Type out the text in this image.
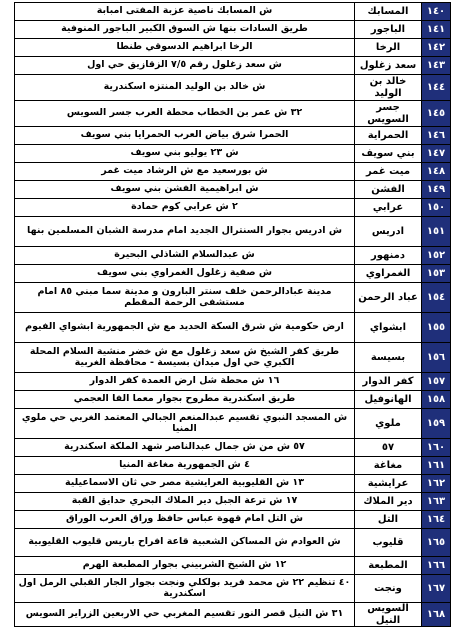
١٤٠	المسابك	ش المسابك ناصية عزبة المفتى امبابة
١٤١	الباجور	طريق السادات بنها ش السوق الكبير الباجور المنوفية
١٤٢	الرخا	الرخا ابراهيم الدسوقي طنطا
١٤٣	سعد زغلول	ش سعد زغلول رقم ٧/٥ الزقازيق حي اول
١٤٤	خالد بن الوليد	ش خالد بن الوليد المنتزه اسكندرية
١٤٥	جسر السويس	٣٢ ش عمر بن الخطاب محطة العرب جسر السويس
١٤٦	الحمراية	الحمرا شرق بياض العرب الحمرايا بني سويف
١٤٧	بني سويف	ش ٢٣ يوليو بني سويف
١٤٨	ميت غمر	ش بورسعيد مع ش الرشاد ميت غمر
١٤٩	الفشن	ش ابراهيمية الفشن بني سويف
١٥٠	عرابي	٢ ش عرابي كوم حمادة
١٥١	ادريس	ش ادريس بجوار السنترال الجديد امام مدرسة الشبان المسلمين بنها
١٥٢	دمنهور	ش عبدالسلام الشاذلي البحيرة
١٥٣	الغمراوي	ش صفية زغلول الغمراوي بني سويف
١٥٤	عباد الرحمن	مدينة عبادالرحمن خلف سنتر البارون و مدينة سما مبني ٨٥ امام مستشفى الرحمة المقطم
١٥٥	ابشواي	ارض حكومية ش شرق السكة الحديد مع ش الجمهورية ابشواي الفيوم
١٥٦	بسيسة	طريق كفر الشيخ ش سعد زغلول مع ش خضر منشية السلام المحلة الكبري حي اول ميدان بسيسة - محافظة الغربية
١٥٧	كفر الدوار	١٦ ش محطة شل ارض العمدة كفر الدوار
١٥٨	الهانوفيل	طريق اسكندرية مطروح بجوار معما الفا العجمي
١٥٩	ملوي	ش المسجد النبوي تقسيم عبدالمنعم الجبالي المعتمد الغربي حي ملوي المنيا
١٦٠	٥٧	٥٧ ش من ش جمال عبدالناصر شهد الملكة اسكندرية
١٦١	مغاغة	٤ ش الجمهورية مغاغة المنيا
١٦٢	عرايشية	١٣ ش القليوبية العرايشية مصر حي ثان الاسماعيلية
١٦٣	دير الملاك	١٧ ش ترعة الجبل دير الملاك البحري حدايق القبة
١٦٤	التل	ش التل امام قهوة عباس حافظ وراق العرب الوراق
١٦٥	قليوب	ش العوادم ش المساكن الشعبية قاعة افراح باريس قليوب القليوبية
١٦٦	المطبعة	١٢ ش الشيخ الشربيني بجوار المطبعة الهرم
١٦٧	ونجت	٤٠ تنظيم ٢٢ ش محمد فريد بولكلي ونجت بجوار الجار القبلي الرمل اول اسكندرية
١٦٨	السويس النيل	٣١ ش النيل قصر النور تقسيم المغربي حي الاربعين الزراير السويس
